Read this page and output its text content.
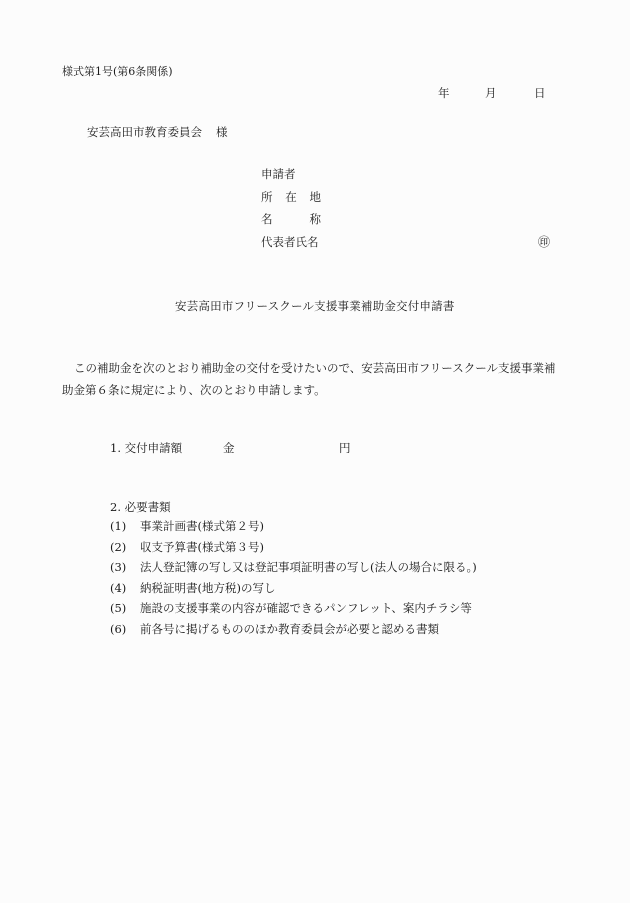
様式第1号(第6条関係)
年	月	日
安芸高田市教育委員会 様
申請者
所 在 地
名	称
代表者氏名	㊞
安芸高田市フリースクール支援事業補助金交付申請書
この補助金を次のとおり補助金の交付を受けたいので、安芸高田市フリースクール支援事業補
助金第６条に規定により、次のとおり申請します。
1. 交付申請額	金	円
2. 必要書類
(1) 事業計画書(様式第２号)
(2) 収支予算書(様式第３号)
(3) 法人登記簿の写し又は登記事項証明書の写し(法人の場合に限る。)
(4) 納税証明書(地方税)の写し
(5) 施設の支援事業の内容が確認できるパンフレット、案内チラシ等
(6) 前各号に掲げるもののほか教育委員会が必要と認める書類
